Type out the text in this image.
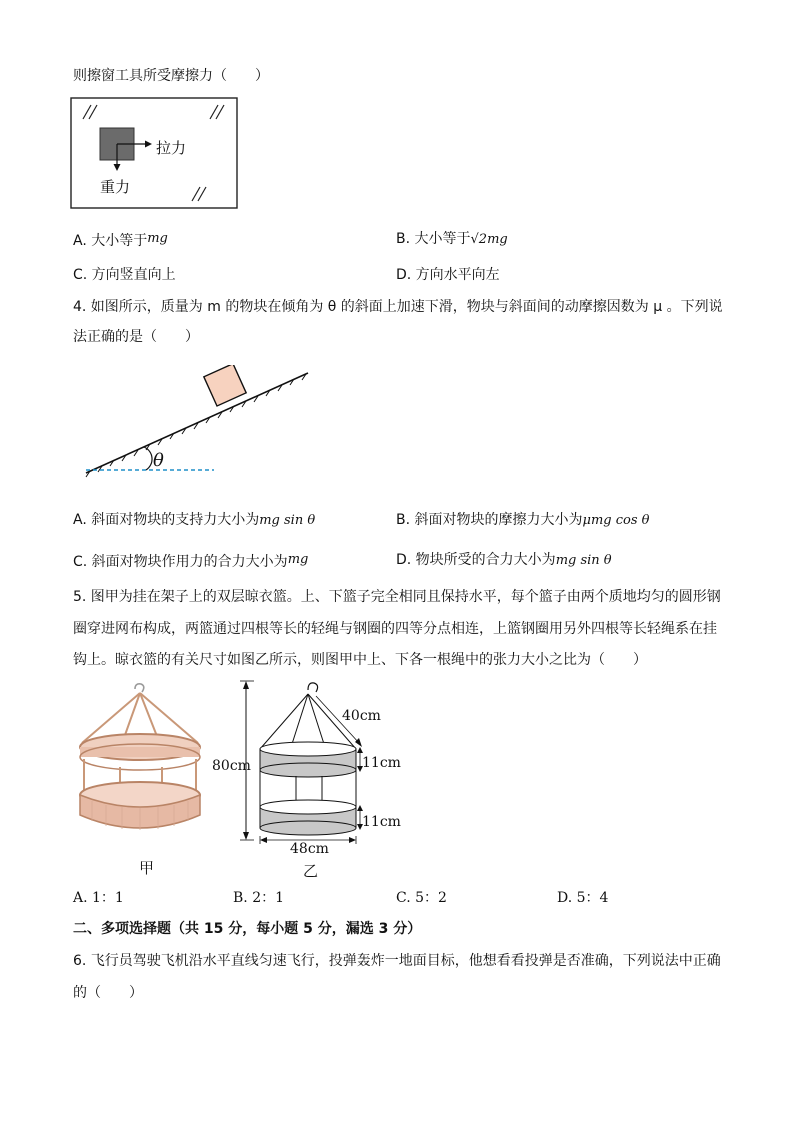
则擦窗工具所受摩擦力（　　）
拉力
重力
A. 大小等于mg	B. 大小等于√2mg
C. 方向竖直向上	D. 方向水平向左
4. 如图所示，质量为 m 的物块在倾角为 θ 的斜面上加速下滑，物块与斜面间的动摩擦因数为 μ 。下列说
法正确的是（　　）
θ
A. 斜面对物块的支持力大小为mg sin θ	B. 斜面对物块的摩擦力大小为μmg cos θ
C. 斜面对物块作用力的合力大小为mg	D. 物块所受的合力大小为mg sin θ
5. 图甲为挂在架子上的双层晾衣篮。上、下篮子完全相同且保持水平，每个篮子由两个质地均匀的圆形钢
圈穿进网布构成，两篮通过四根等长的轻绳与钢圈的四等分点相连，上篮钢圈用另外四根等长轻绳系在挂
钩上。晾衣篮的有关尺寸如图乙所示，则图甲中上、下各一根绳中的张力大小之比为（　　）
甲
80cm
40cm
11cm
11cm
48cm
乙
A. 1：1	B. 2：1	C. 5：2	D. 5：4
二、多项选择题（共 15 分，每小题 5 分，漏选 3 分）
6. 飞行员驾驶飞机沿水平直线匀速飞行，投弹轰炸一地面目标，他想看看投弹是否准确，下列说法中正确
的（　　）
